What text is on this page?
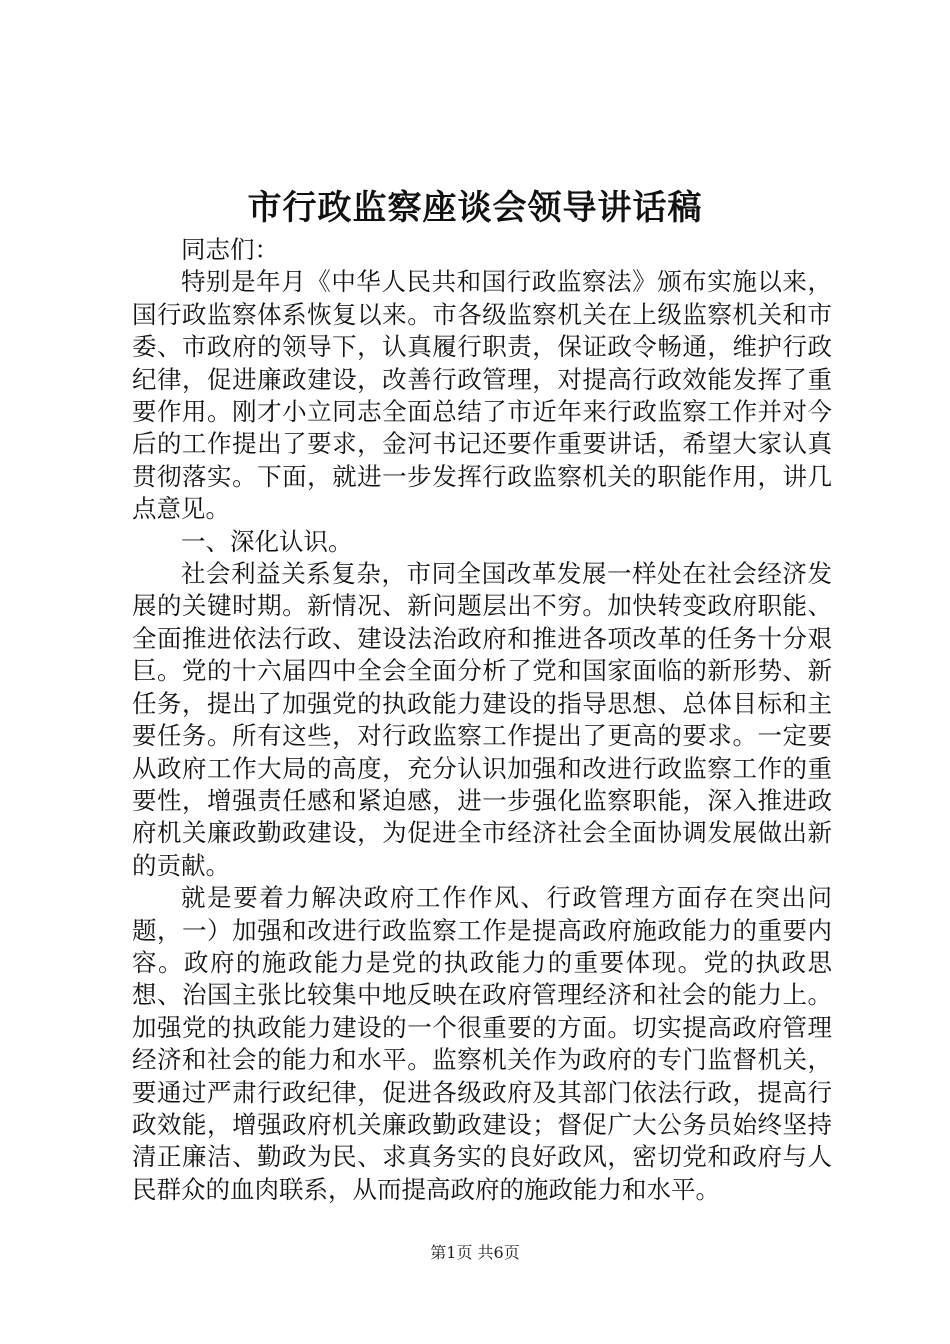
市行政监察座谈会领导讲话稿

同志们：

特别是年月《中华人民共和国行政监察法》颁布实施以来，国行政监察体系恢复以来。市各级监察机关在上级监察机关和市委、市政府的领导下，认真履行职责，保证政令畅通，维护行政纪律，促进廉政建设，改善行政管理，对提高行政效能发挥了重要作用。刚才小立同志全面总结了市近年来行政监察工作并对今后的工作提出了要求，金河书记还要作重要讲话，希望大家认真贯彻落实。下面，就进一步发挥行政监察机关的职能作用，讲几点意见。

一、深化认识。

社会利益关系复杂，市同全国改革发展一样处在社会经济发展的关键时期。新情况、新问题层出不穷。加快转变政府职能、全面推进依法行政、建设法治政府和推进各项改革的任务十分艰巨。党的十六届四中全会全面分析了党和国家面临的新形势、新任务，提出了加强党的执政能力建设的指导思想、总体目标和主要任务。所有这些，对行政监察工作提出了更高的要求。一定要从政府工作大局的高度，充分认识加强和改进行政监察工作的重要性，增强责任感和紧迫感，进一步强化监察职能，深入推进政府机关廉政勤政建设，为促进全市经济社会全面协调发展做出新的贡献。

就是要着力解决政府工作作风、行政管理方面存在突出问题，一）加强和改进行政监察工作是提高政府施政能力的重要内容。政府的施政能力是党的执政能力的重要体现。党的执政思想、治国主张比较集中地反映在政府管理经济和社会的能力上。加强党的执政能力建设的一个很重要的方面。切实提高政府管理经济和社会的能力和水平。监察机关作为政府的专门监督机关，要通过严肃行政纪律，促进各级政府及其部门依法行政，提高行政效能，增强政府机关廉政勤政建设；督促广大公务员始终坚持清正廉洁、勤政为民、求真务实的良好政风，密切党和政府与人民群众的血肉联系，从而提高政府的施政能力和水平。

第1页 共6页
